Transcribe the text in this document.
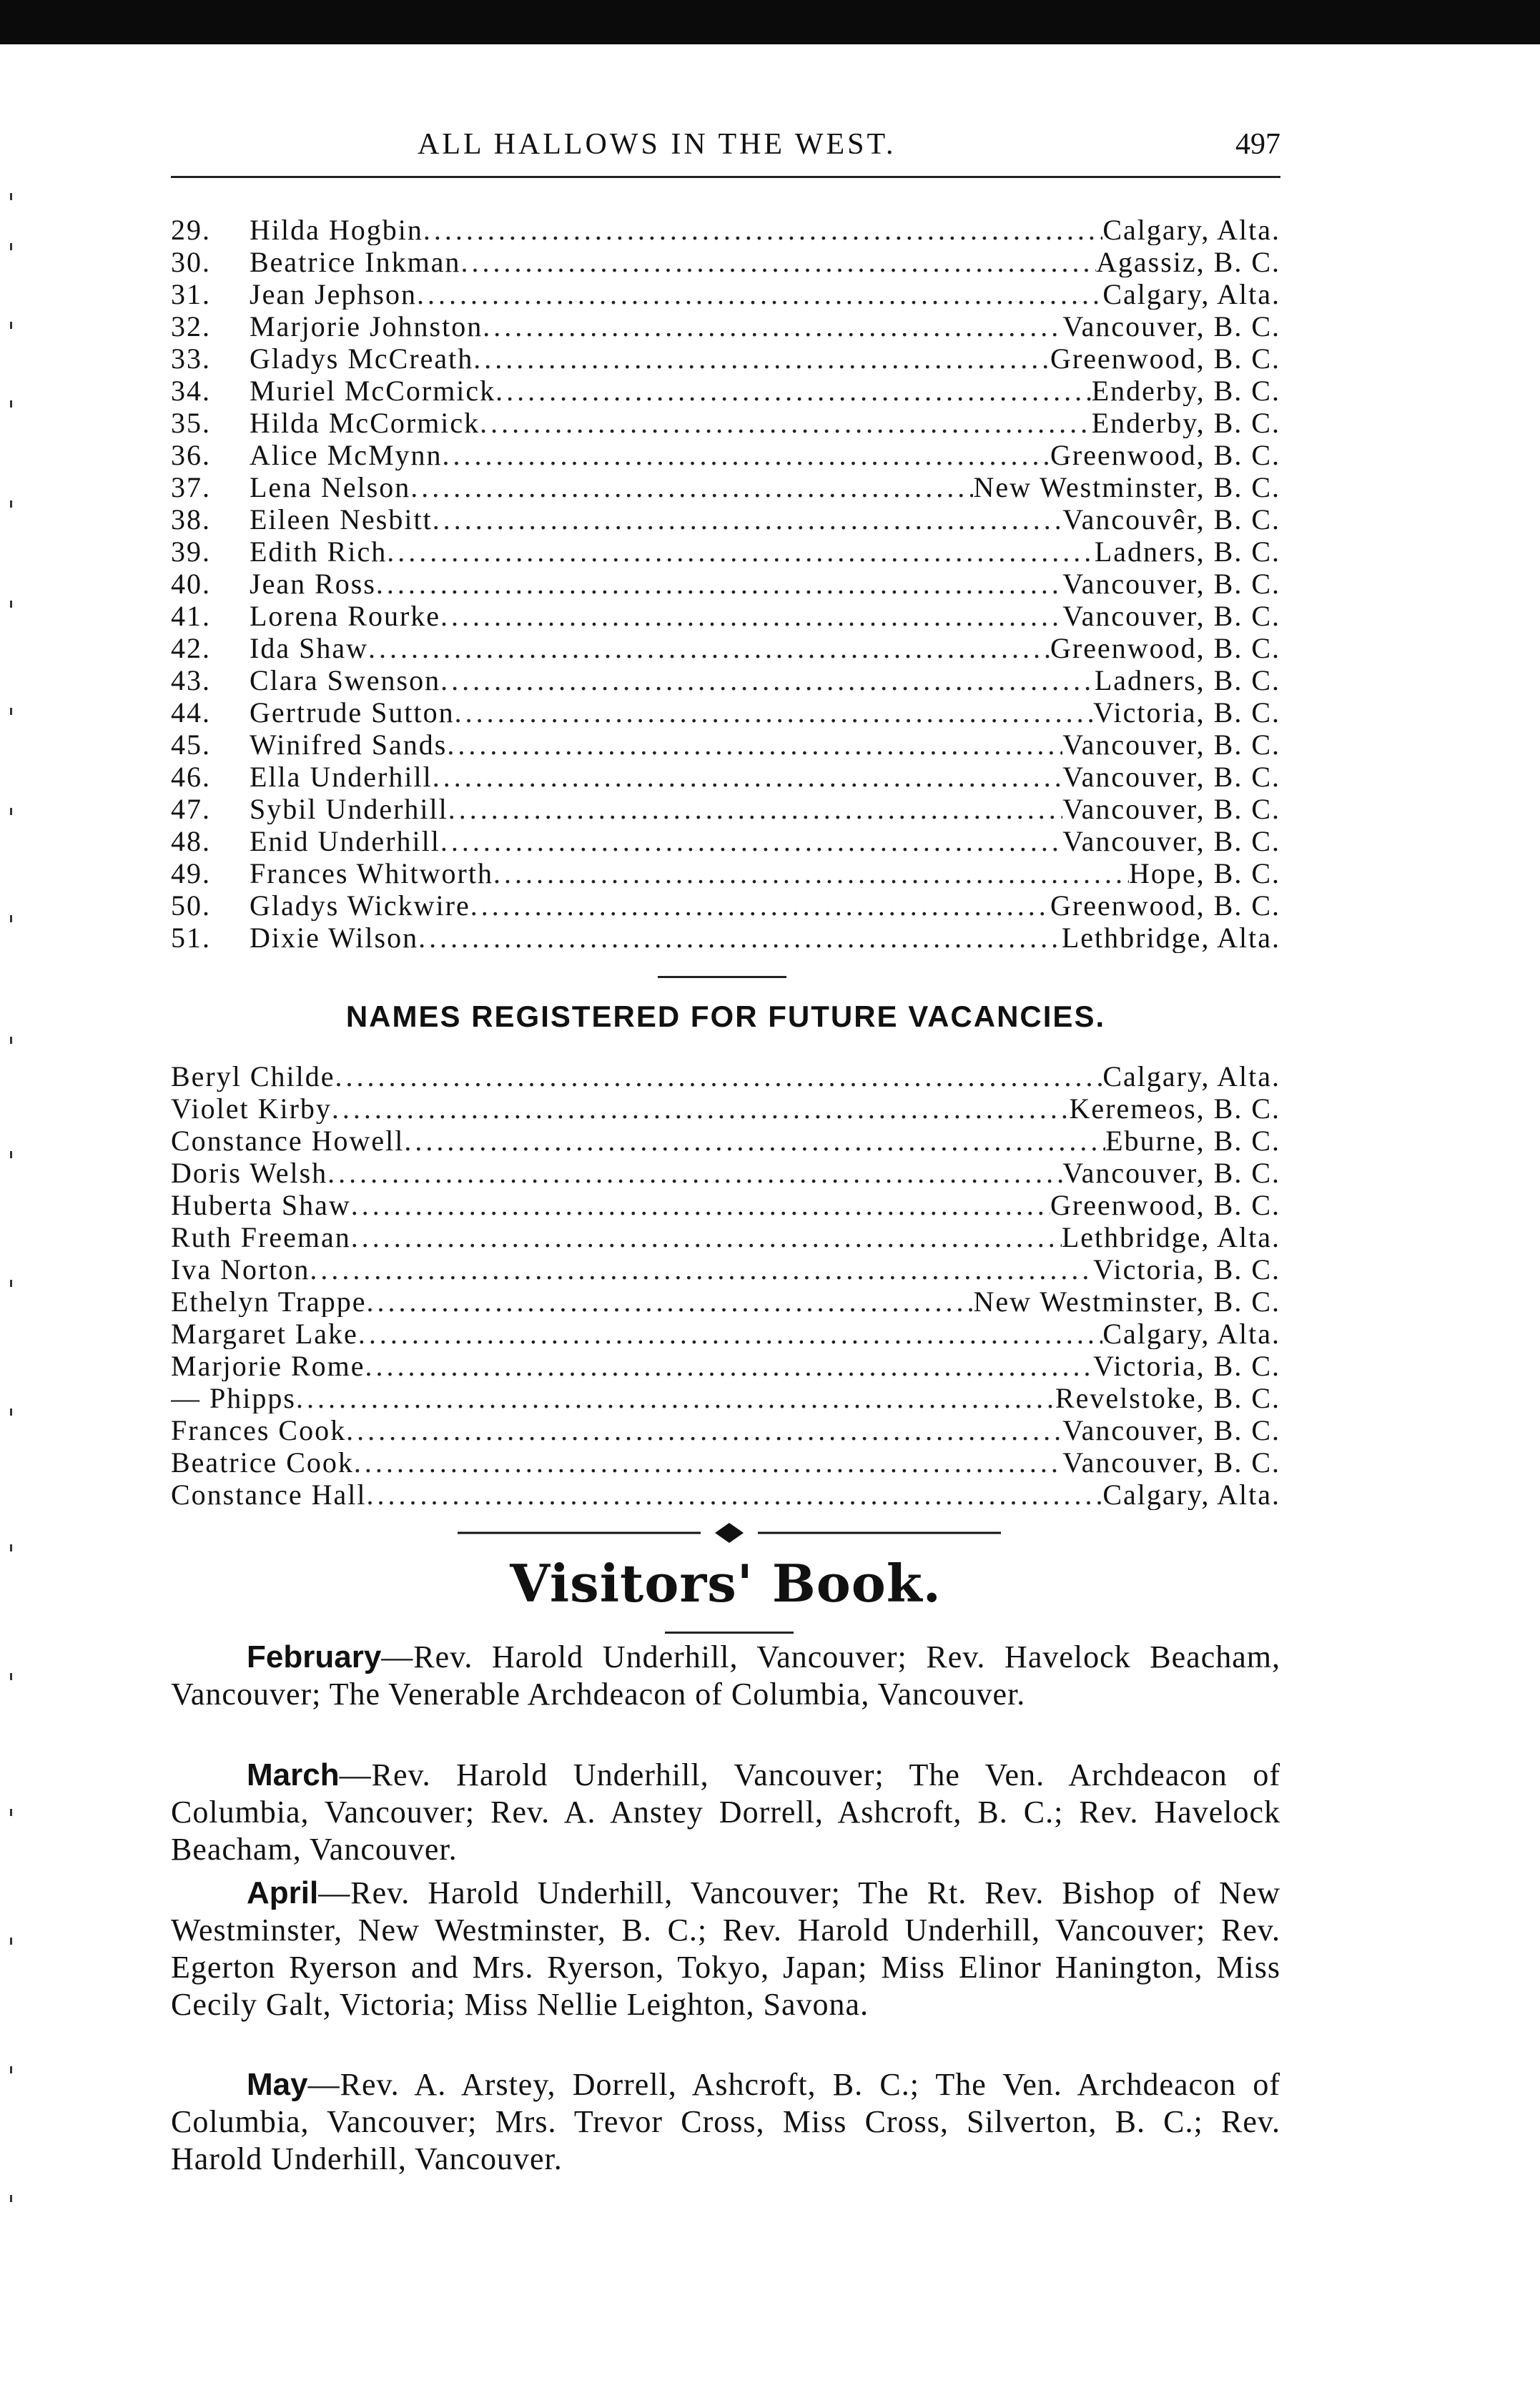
ALL HALLOWS IN THE WEST.	497
29.	Hilda Hogbin .....	Calgary, Alta.
30.	Beatrice Inkman .....	Agassiz, B. C.
31.	Jean Jephson .....	Calgary, Alta.
32.	Marjorie Johnston .....	Vancouver, B. C.
33.	Gladys McCreath .....	Greenwood, B. C.
34.	Muriel McCormick .....	Enderby, B. C.
35.	Hilda McCormick .....	Enderby, B. C.
36.	Alice McMynn .....	Greenwood, B. C.
37.	Lena Nelson .....	New Westminster, B. C.
38.	Eileen Nesbitt .....	Vancouvêr, B. C.
39.	Edith Rich .....	Ladners, B. C.
40.	Jean Ross .....	Vancouver, B. C.
41.	Lorena Rourke .....	Vancouver, B. C.
42.	Ida Shaw .....	Greenwood, B. C.
43.	Clara Swenson .....	Ladners, B. C.
44.	Gertrude Sutton .....	Victoria, B. C.
45.	Winifred Sands .....	Vancouver, B. C.
46.	Ella Underhill .....	Vancouver, B. C.
47.	Sybil Underhill .....	Vancouver, B. C.
48.	Enid Underhill .....	Vancouver, B. C.
49.	Frances Whitworth .....	Hope, B. C.
50.	Gladys Wickwire .....	Greenwood, B. C.
51.	Dixie Wilson .....	Lethbridge, Alta.
NAMES REGISTERED FOR FUTURE VACANCIES.
Beryl Childe .....	Calgary, Alta.
Violet Kirby .....	Keremeos, B. C.
Constance Howell .....	Eburne, B. C.
Doris Welsh .....	Vancouver, B. C.
Huberta Shaw .....	Greenwood, B. C.
Ruth Freeman .....	Lethbridge, Alta.
Iva Norton .....	Victoria, B. C.
Ethelyn Trappe .....	New Westminster, B. C.
Margaret Lake .....	Calgary, Alta.
Marjorie Rome .....	Victoria, B. C.
— Phipps .....	Revelstoke, B. C.
Frances Cook .....	Vancouver, B. C.
Beatrice Cook .....	Vancouver, B. C.
Constance Hall .....	Calgary, Alta.
Visitors' Book.
February—Rev. Harold Underhill, Vancouver; Rev. Havelock Beacham, Vancouver; The Venerable Archdeacon of Columbia, Vancouver.
March—Rev. Harold Underhill, Vancouver; The Ven. Archdeacon of Columbia, Vancouver; Rev. A. Anstey Dorrell, Ashcroft, B. C.; Rev. Havelock Beacham, Vancouver.
April—Rev. Harold Underhill, Vancouver; The Rt. Rev. Bishop of New Westminster, New Westminster, B. C.; Rev. Harold Underhill, Vancouver; Rev. Egerton Ryerson and Mrs. Ryerson, Tokyo, Japan; Miss Elinor Hanington, Miss Cecily Galt, Victoria; Miss Nellie Leighton, Savona.
May—Rev. A. Arstey, Dorrell, Ashcroft, B. C.; The Ven. Archdeacon of Columbia, Vancouver; Mrs. Trevor Cross, Miss Cross, Silverton, B. C.; Rev. Harold Underhill, Vancouver.
